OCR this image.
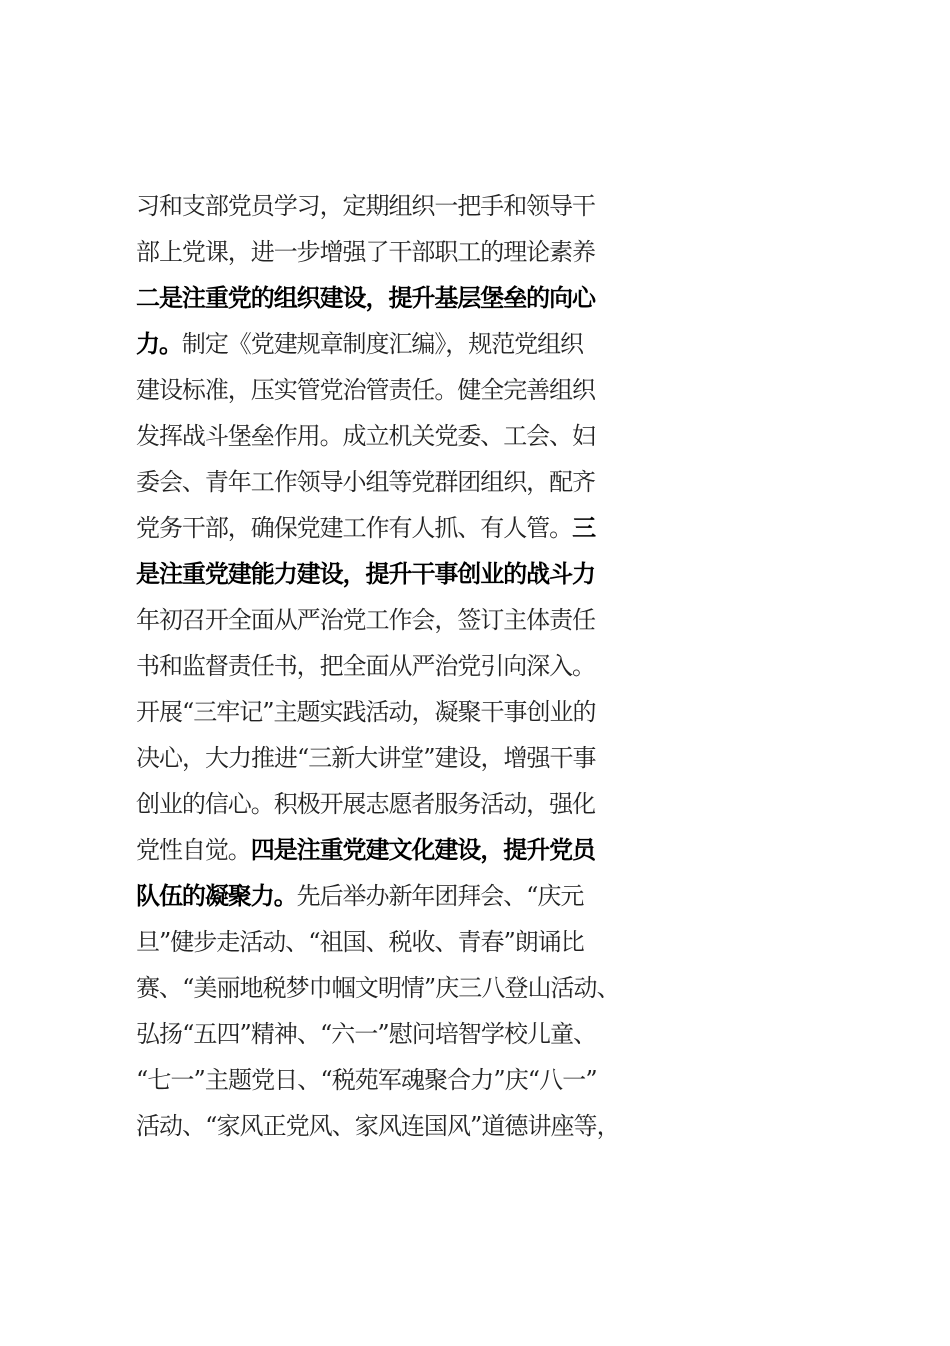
习和支部党员学习，定期组织一把手和领导干
部上党课，进一步增强了干部职工的理论素养
二是注重党的组织建设，提升基层堡垒的向心
力。制定《党建规章制度汇编》，规范党组织
建设标准，压实管党治管责任。健全完善组织
发挥战斗堡垒作用。成立机关党委、工会、妇
委会、青年工作领导小组等党群团组织，配齐
党务干部，确保党建工作有人抓、有人管。三
是注重党建能力建设，提升干事创业的战斗力
年初召开全面从严治党工作会，签订主体责任
书和监督责任书，把全面从严治党引向深入。
开展“三牢记”主题实践活动，凝聚干事创业的
决心，大力推进“三新大讲堂”建设，增强干事
创业的信心。积极开展志愿者服务活动，强化
党性自觉。四是注重党建文化建设，提升党员
队伍的凝聚力。先后举办新年团拜会、“庆元
旦”健步走活动、“祖国、税收、青春”朗诵比
赛、“美丽地税梦巾帼文明情”庆三八登山活动、
弘扬“五四”精神、“六一”慰问培智学校儿童、
“七一”主题党日、“税苑军魂聚合力”庆“八一”
活动、“家风正党风、家风连国风”道德讲座等，
